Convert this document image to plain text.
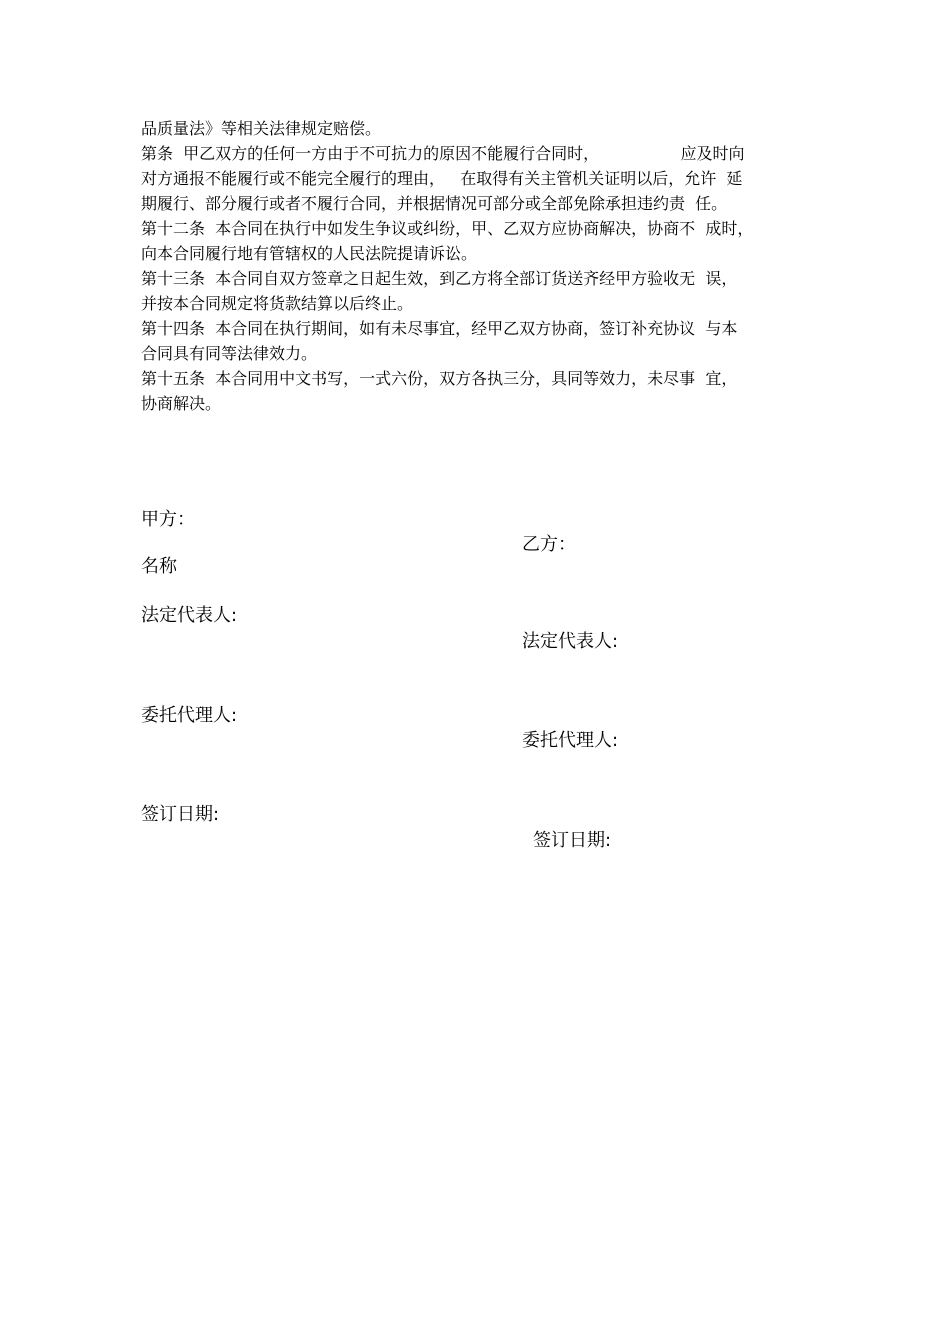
品质量法》等相关法律规定赔偿。
第条  甲乙双方的任何一方由于不可抗力的原因不能履行合同时，                应及时向
对方通报不能履行或不能完全履行的理由，   在取得有关主管机关证明以后，允许  延
期履行、部分履行或者不履行合同，并根据情况可部分或全部免除承担违约责  任。
第十二条  本合同在执行中如发生争议或纠纷，甲、乙双方应协商解决，协商不  成时，
向本合同履行地有管辖权的人民法院提请诉讼。
第十三条  本合同自双方签章之日起生效，到乙方将全部订货送齐经甲方验收无  误，
并按本合同规定将货款结算以后终止。
第十四条  本合同在执行期间，如有未尽事宜，经甲乙双方协商，签订补充协议  与本
合同具有同等法律效力。
第十五条  本合同用中文书写，一式六份，双方各执三分，具同等效力，未尽事  宜，
协商解决。
甲方：
名称
法定代表人:
委托代理人:
签订日期:
乙方：
法定代表人:
委托代理人:
签订日期:
